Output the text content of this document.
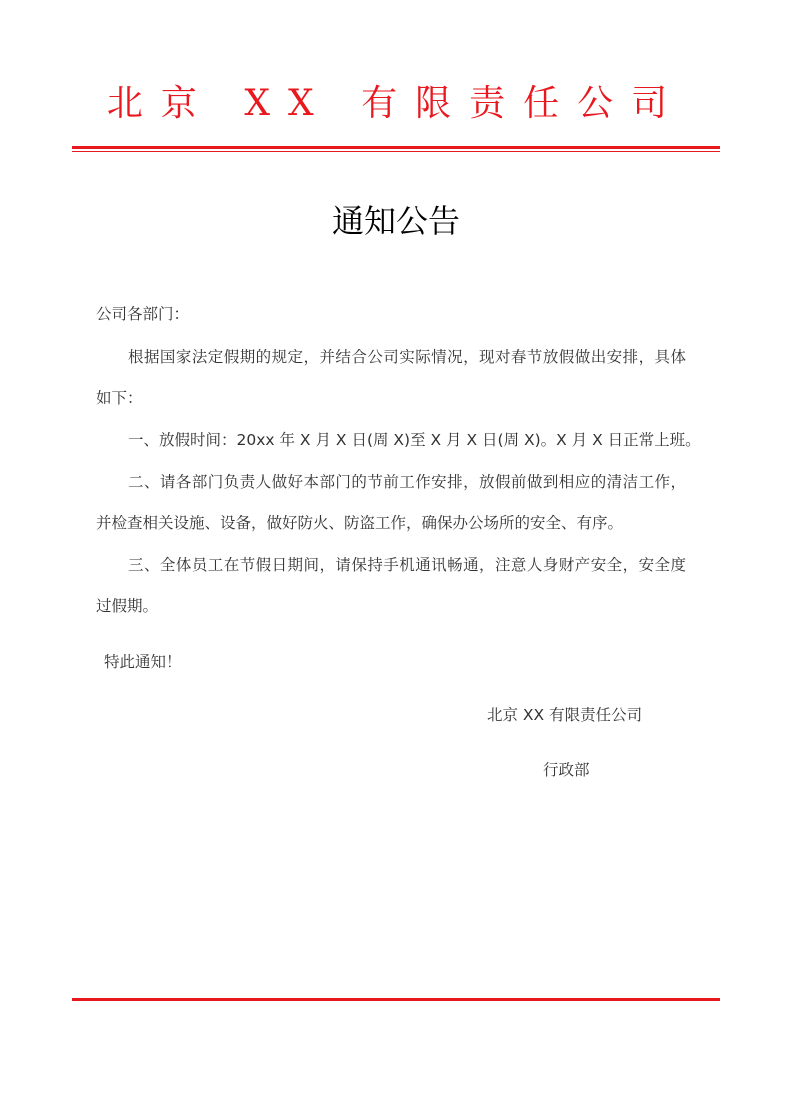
北京 XX 有限责任公司
通知公告
公司各部门：
根据国家法定假期的规定，并结合公司实际情况，现对春节放假做出安排，具体
如下：
一、放假时间：20xx 年 X 月 X 日(周 X)至 X 月 X 日(周 X)。X 月 X 日正常上班。
二、请各部门负责人做好本部门的节前工作安排，放假前做到相应的清洁工作，
并检查相关设施、设备，做好防火、防盗工作，确保办公场所的安全、有序。
三、全体员工在节假日期间，请保持手机通讯畅通，注意人身财产安全，安全度
过假期。
特此通知！
北京 XX 有限责任公司
行政部
